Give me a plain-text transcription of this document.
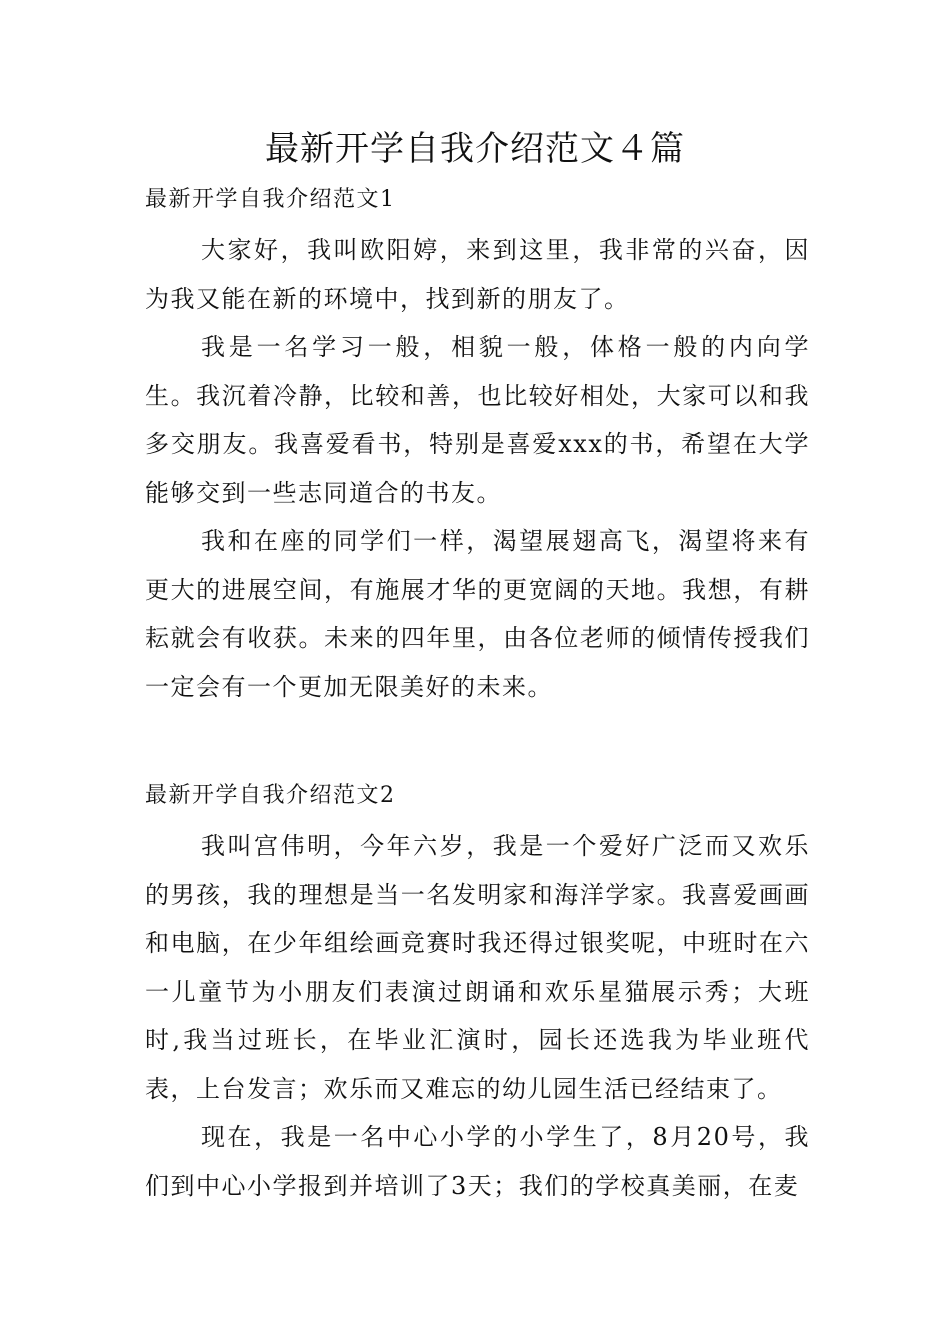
最新开学自我介绍范文４篇
最新开学自我介绍范文1

大家好，我叫欧阳婷，来到这里，我非常的兴奋，因为我又能在新的环境中，找到新的朋友了。

我是一名学习一般，相貌一般，体格一般的内向学生。我沉着冷静，比较和善，也比较好相处，大家可以和我多交朋友。我喜爱看书，特别是喜爱xxx的书，希望在大学能够交到一些志同道合的书友。

我和在座的同学们一样，渴望展翅高飞，渴望将来有更大的进展空间，有施展才华的更宽阔的天地。我想，有耕耘就会有收获。未来的四年里，由各位老师的倾情传授我们一定会有一个更加无限美好的未来。

最新开学自我介绍范文2

我叫宫伟明，今年六岁，我是一个爱好广泛而又欢乐的男孩，我的理想是当一名发明家和海洋学家。我喜爱画画和电脑，在少年组绘画竞赛时我还得过银奖呢，中班时在六一儿童节为小朋友们表演过朗诵和欢乐星猫展示秀；大班时,我当过班长，在毕业汇演时，园长还选我为毕业班代表，上台发言；欢乐而又难忘的幼儿园生活已经结束了。

现在，我是一名中心小学的小学生了，8月20号，我们到中心小学报到并培训了3天；我们的学校真美丽，在麦
